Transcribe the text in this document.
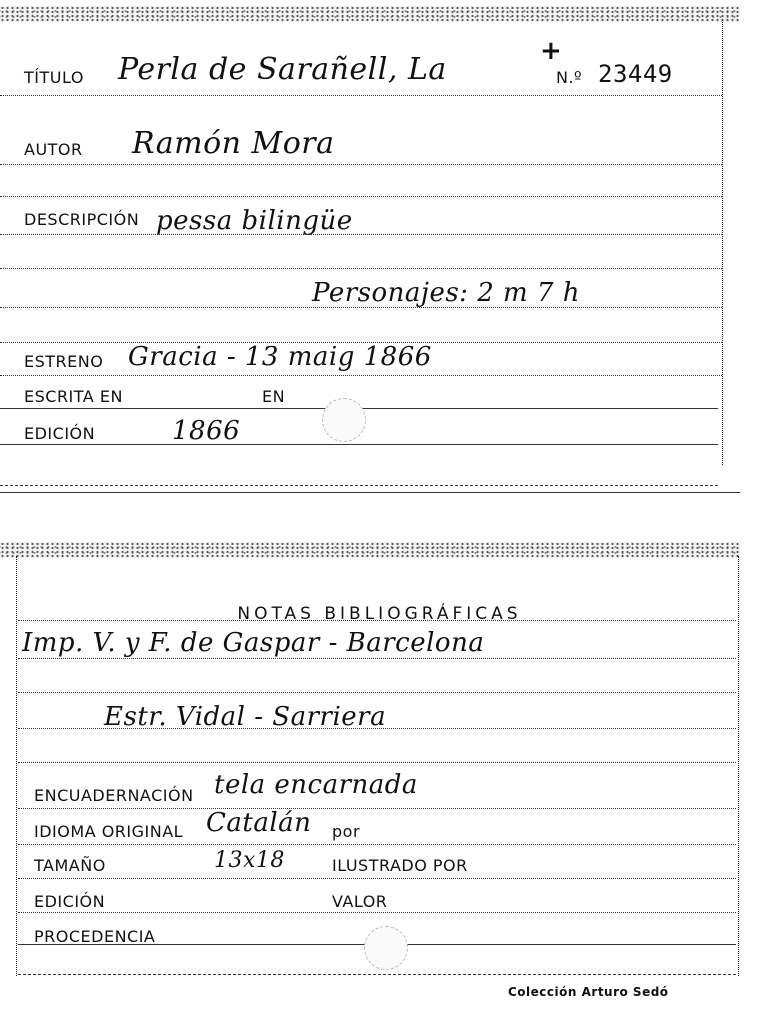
TÍTULO Perla de Sarañell, La
+
N.º 23449
AUTOR Ramón Mora
DESCRIPCIÓN pessa bilingüe
Personajes: 2 m 7 h
ESTRENO Gracia - 13 maig 1866
ESCRITA EN	EN
EDICIÓN	1866
NOTAS BIBLIOGRÁFICAS
Imp. V. y F. de Gaspar - Barcelona
Estr. Vidal - Sarriera
ENCUADERNACIÓN tela encarnada
IDIOMA ORIGINAL Catalán por
TAMAÑO	13x18	ILUSTRADO POR
EDICIÓN	VALOR
PROCEDENCIA
Colección Arturo Sedó
